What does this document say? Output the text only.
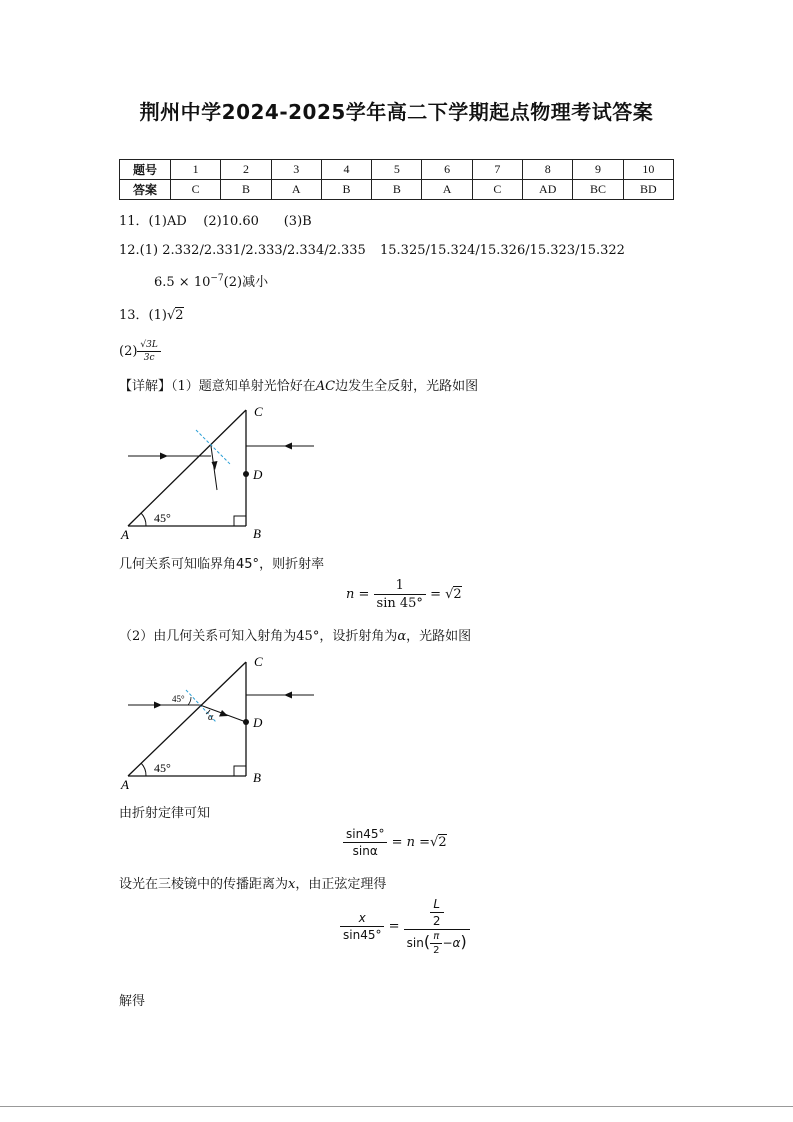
荆州中学2024-2025学年高二下学期起点物理考试答案
题号	1	2	3	4	5	6	7	8	9	10
答案	C	B	A	B	B	A	C	AD	BC	BD
11．(1)AD    (2)10.60      (3)B
12.(1) 2.332/2.331/2.333/2.334/2.335 15.325/15.324/15.326/15.323/15.322
$6.5 \times 10^{-7}(2)$减小
13．(1)√2
$(2) \frac{√3L}{3c}$
【详解】（1）题意知单射光恰好在AC边发生全反射，光路如图
C
D
A	B
45°
几何关系可知临界角45°，则折射率
$n = \frac{1}{\sin 45^\circ} = √2$
（2）由几何关系可知入射角为45°，设折射角为α，光路如图
C
D
A	B
45°
45°
α
由折射定律可知
$\frac{\sin 45^\circ}{\sin\alpha} = n =√2$
设光在三棱镜中的传播距离为x，由正弦定理得
$\frac{x}{\sin 45^\circ} = \frac{\frac{L}{2}}{\sin( \frac{\pi}{2} -\alpha)}$
解得
